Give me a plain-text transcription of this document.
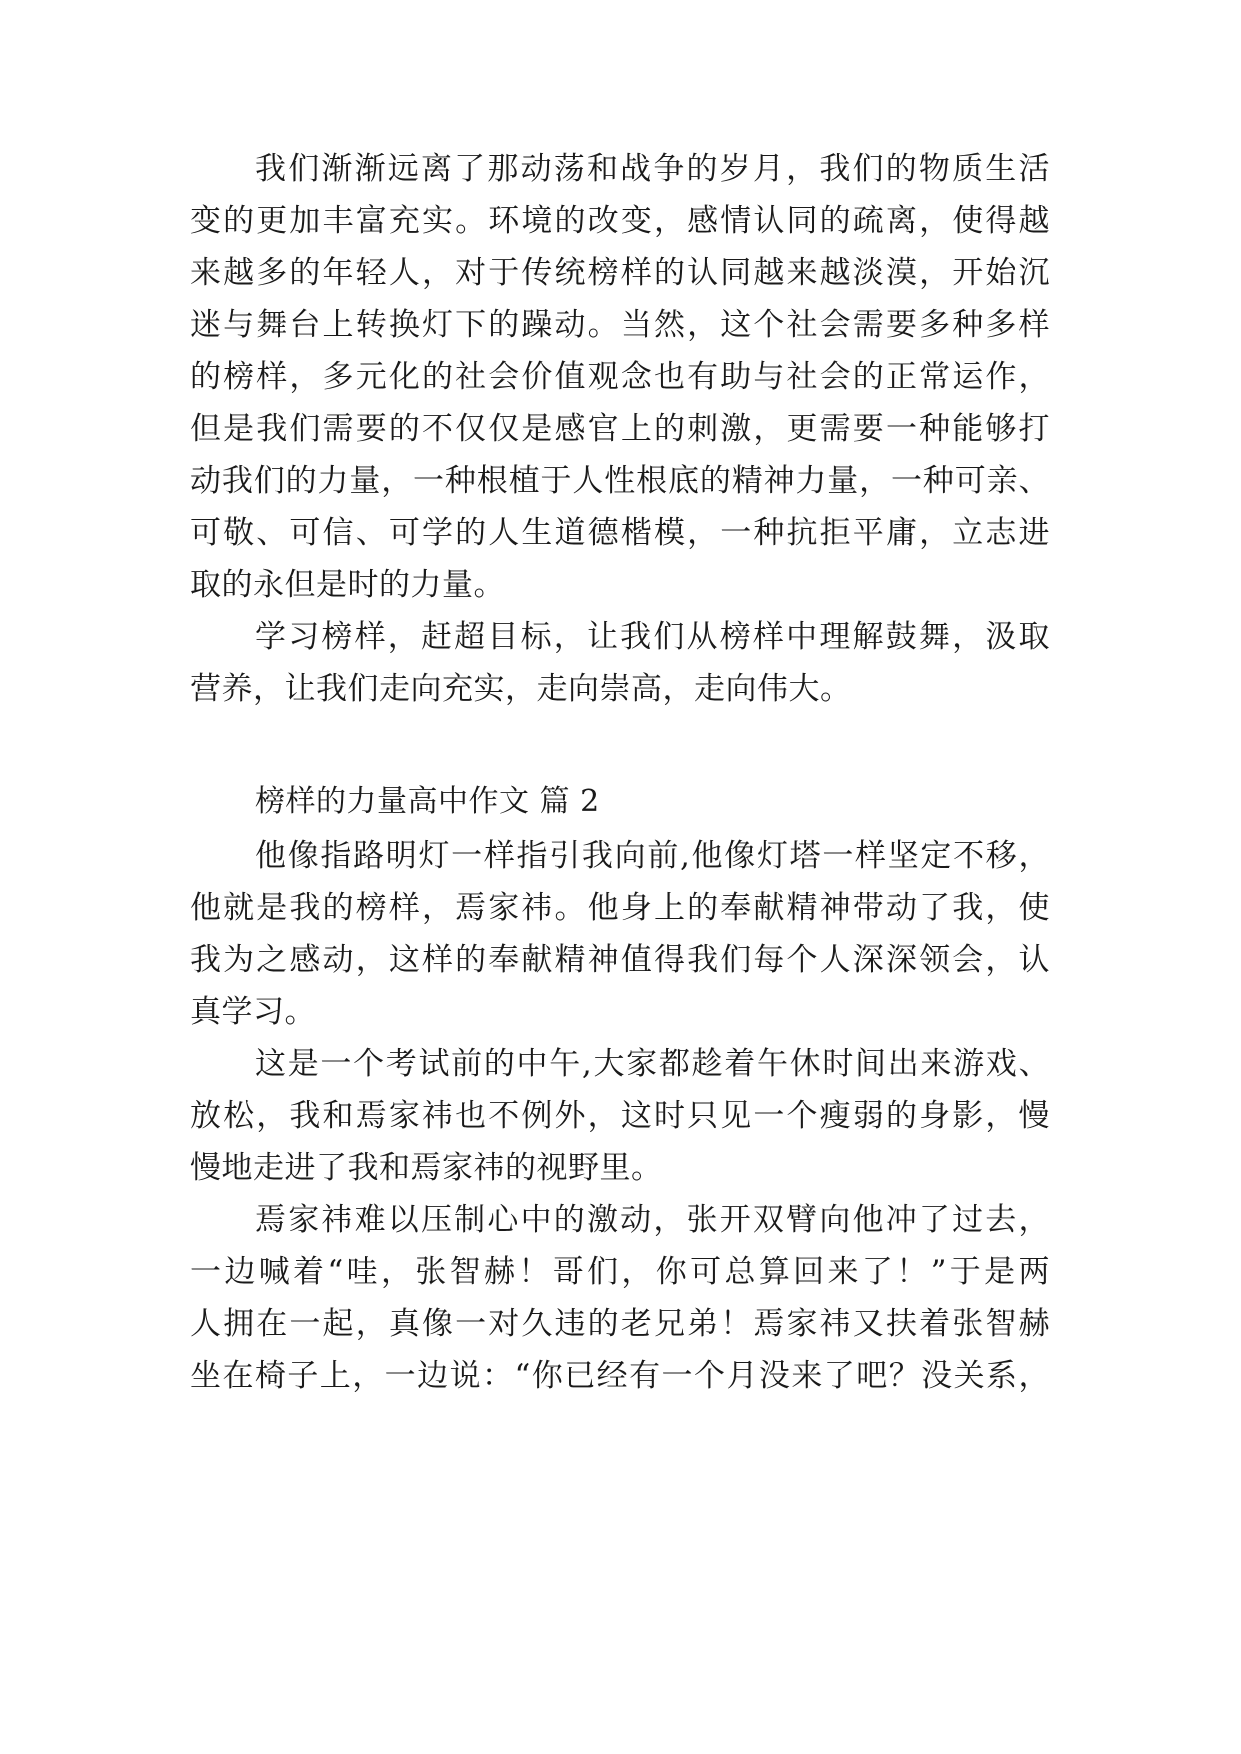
我们渐渐远离了那动荡和战争的岁月，我们的物质生活
变的更加丰富充实。环境的改变，感情认同的疏离，使得越
来越多的年轻人，对于传统榜样的认同越来越淡漠，开始沉
迷与舞台上转换灯下的躁动。当然，这个社会需要多种多样
的榜样，多元化的社会价值观念也有助与社会的正常运作，
但是我们需要的不仅仅是感官上的刺激，更需要一种能够打
动我们的力量，一种根植于人性根底的精神力量，一种可亲、
可敬、可信、可学的人生道德楷模，一种抗拒平庸，立志进
取的永但是时的力量。
学习榜样，赶超目标，让我们从榜样中理解鼓舞，汲取
营养，让我们走向充实，走向崇高，走向伟大。
榜样的力量高中作文 篇 2
他像指路明灯一样指引我向前,他像灯塔一样坚定不移，
他就是我的榜样，焉家祎。他身上的奉献精神带动了我，使
我为之感动，这样的奉献精神值得我们每个人深深领会，认
真学习。
这是一个考试前的中午,大家都趁着午休时间出来游戏、
放松，我和焉家祎也不例外，这时只见一个瘦弱的身影，慢
慢地走进了我和焉家祎的视野里。
焉家祎难以压制心中的激动，张开双臂向他冲了过去，
一边喊着“哇，张智赫！哥们，你可总算回来了！”于是两
人拥在一起，真像一对久违的老兄弟！焉家祎又扶着张智赫
坐在椅子上，一边说：“你已经有一个月没来了吧？没关系，
